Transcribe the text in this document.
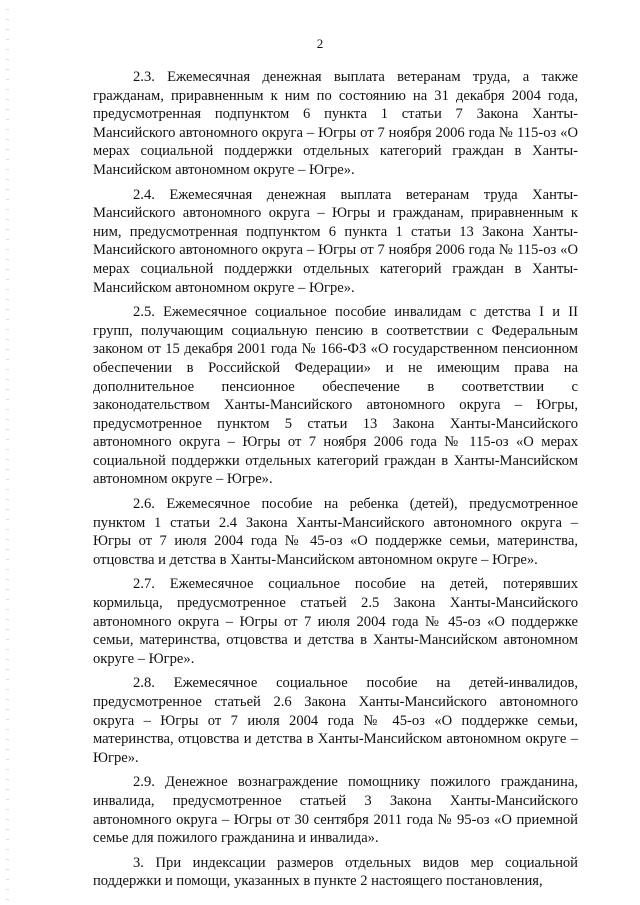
2

2.3. Ежемесячная денежная выплата ветеранам труда, а также гражданам, приравненным к ним по состоянию на 31 декабря 2004 года, предусмотренная подпунктом 6 пункта 1 статьи 7 Закона Ханты-Мансийского автономного округа – Югры от 7 ноября 2006 года № 115-оз «О мерах социальной поддержки отдельных категорий граждан в Ханты-Мансийском автономном округе – Югре».

2.4. Ежемесячная денежная выплата ветеранам труда Ханты-Мансийского автономного округа – Югры и гражданам, приравненным к ним, предусмотренная подпунктом 6 пункта 1 статьи 13 Закона Ханты-Мансийского автономного округа – Югры от 7 ноября 2006 года № 115-оз «О мерах социальной поддержки отдельных категорий граждан в Ханты-Мансийском автономном округе – Югре».

2.5. Ежемесячное социальное пособие инвалидам с детства I и II групп, получающим социальную пенсию в соответствии с Федеральным законом от 15 декабря 2001 года № 166-ФЗ «О государственном пенсионном обеспечении в Российской Федерации» и не имеющим права на дополнительное пенсионное обеспечение в соответствии с законодательством Ханты-Мансийского автономного округа – Югры, предусмотренное пунктом 5 статьи 13 Закона Ханты-Мансийского автономного округа – Югры от 7 ноября 2006 года № 115-оз «О мерах социальной поддержки отдельных категорий граждан в Ханты-Мансийском автономном округе – Югре».

2.6. Ежемесячное пособие на ребенка (детей), предусмотренное пунктом 1 статьи 2.4 Закона Ханты-Мансийского автономного округа – Югры от 7 июля 2004 года № 45-оз «О поддержке семьи, материнства, отцовства и детства в Ханты-Мансийском автономном округе – Югре».

2.7. Ежемесячное социальное пособие на детей, потерявших кормильца, предусмотренное статьей 2.5 Закона Ханты-Мансийского автономного округа – Югры от 7 июля 2004 года № 45-оз «О поддержке семьи, материнства, отцовства и детства в Ханты-Мансийском автономном округе – Югре».

2.8. Ежемесячное социальное пособие на детей-инвалидов, предусмотренное статьей 2.6 Закона Ханты-Мансийского автономного округа – Югры от 7 июля 2004 года № 45-оз «О поддержке семьи, материнства, отцовства и детства в Ханты-Мансийском автономном округе – Югре».

2.9. Денежное вознаграждение помощнику пожилого гражданина, инвалида, предусмотренное статьей 3 Закона Ханты-Мансийского автономного округа – Югры от 30 сентября 2011 года № 95-оз «О приемной семье для пожилого гражданина и инвалида».

3. При индексации размеров отдельных видов мер социальной поддержки и помощи, указанных в пункте 2 настоящего постановления,
